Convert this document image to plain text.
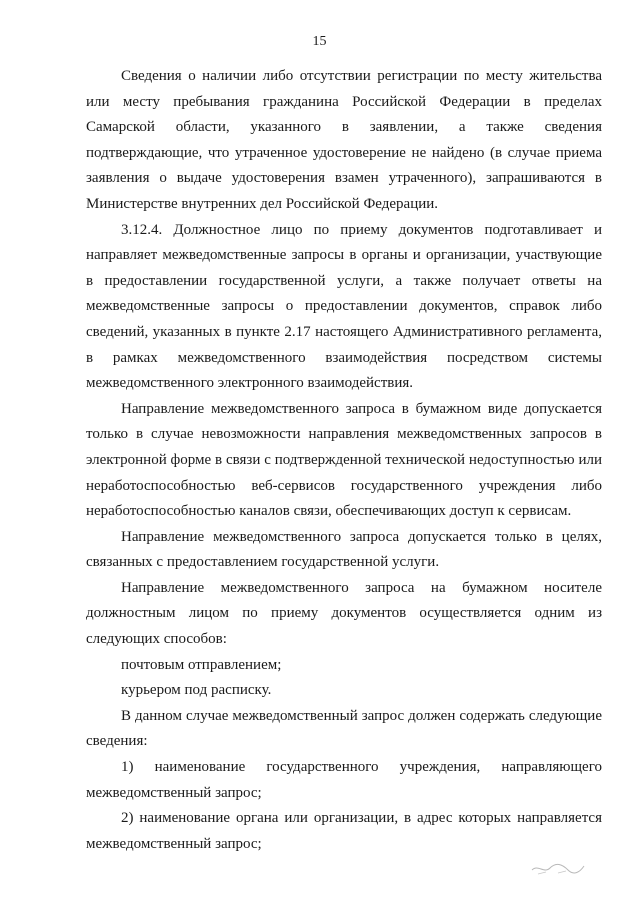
15

Сведения о наличии либо отсутствии регистрации по месту жительства или месту пребывания гражданина Российской Федерации в пределах Самарской области, указанного в заявлении, а также сведения подтверждающие, что утраченное удостоверение не найдено (в случае приема заявления о выдаче удостоверения взамен утраченного), запрашиваются в Министерстве внутренних дел Российской Федерации.

3.12.4. Должностное лицо по приему документов подготавливает и направляет межведомственные запросы в органы и организации, участвующие в предоставлении государственной услуги, а также получает ответы на межведомственные запросы о предоставлении документов, справок либо сведений, указанных в пункте 2.17 настоящего Административного регламента, в рамках межведомственного взаимодействия посредством системы межведомственного электронного взаимодействия.

Направление межведомственного запроса в бумажном виде допускается только в случае невозможности направления межведомственных запросов в электронной форме в связи с подтвержденной технической недоступностью или неработоспособностью веб-сервисов государственного учреждения либо неработоспособностью каналов связи, обеспечивающих доступ к сервисам.

Направление межведомственного запроса допускается только в целях, связанных с предоставлением государственной услуги.

Направление межведомственного запроса на бумажном носителе должностным лицом по приему документов осуществляется одним из следующих способов:

почтовым отправлением;

курьером под расписку.

В данном случае межведомственный запрос должен содержать следующие сведения:

1) наименование государственного учреждения, направляющего межведомственный запрос;

2) наименование органа или организации, в адрес которых направляется межведомственный запрос;
